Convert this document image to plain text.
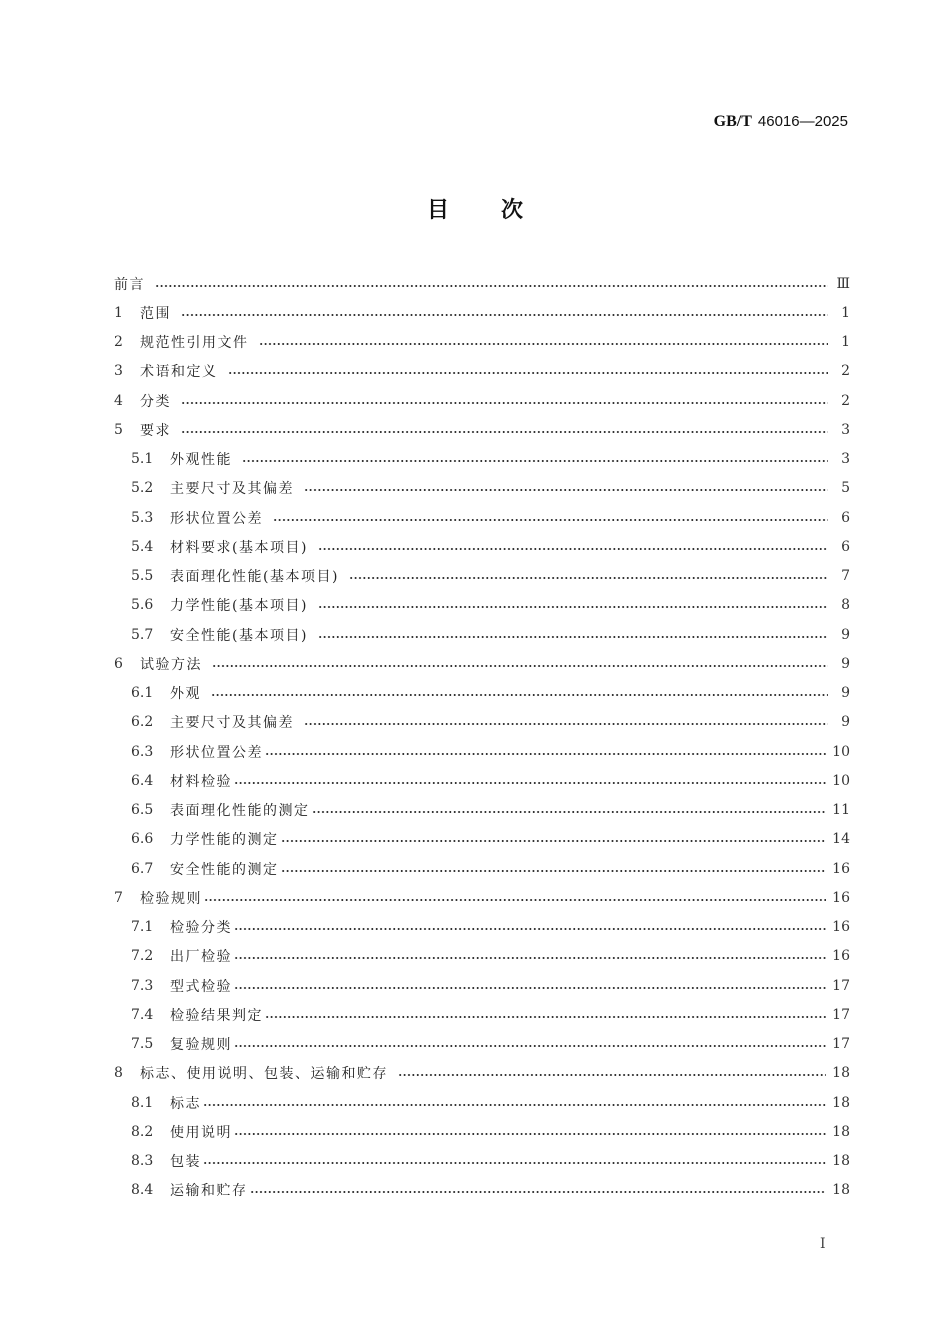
GB/T 46016—2025
目次
前言	Ⅲ
1	范围	1
2	规范性引用文件	1
3	术语和定义	2
4	分类	2
5	要求	3
5.1	外观性能	3
5.2	主要尺寸及其偏差	5
5.3	形状位置公差	6
5.4	材料要求(基本项目)	6
5.5	表面理化性能(基本项目)	7
5.6	力学性能(基本项目)	8
5.7	安全性能(基本项目)	9
6	试验方法	9
6.1	外观	9
6.2	主要尺寸及其偏差	9
6.3	形状位置公差	10
6.4	材料检验	10
6.5	表面理化性能的测定	11
6.6	力学性能的测定	14
6.7	安全性能的测定	16
7	检验规则	16
7.1	检验分类	16
7.2	出厂检验	16
7.3	型式检验	17
7.4	检验结果判定	17
7.5	复验规则	17
8	标志、使用说明、包装、运输和贮存	18
8.1	标志	18
8.2	使用说明	18
8.3	包装	18
8.4	运输和贮存	18
Ⅰ
